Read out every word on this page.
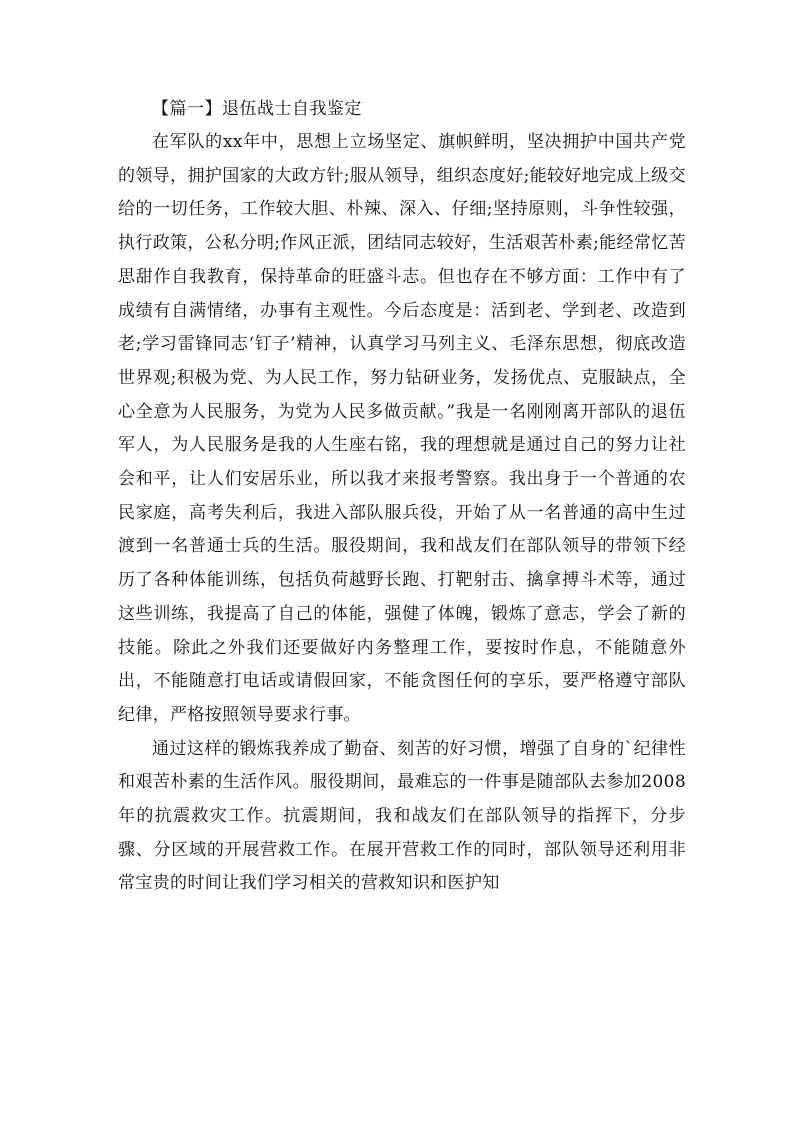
【篇一】退伍战士自我鉴定

在军队的xx年中，思想上立场坚定、旗帜鲜明，坚决拥护中国共产党的领导，拥护国家的大政方针;服从领导，组织态度好;能较好地完成上级交给的一切任务，工作较大胆、朴辣、深入、仔细;坚持原则，斗争性较强，执行政策，公私分明;作风正派，团结同志较好，生活艰苦朴素;能经常忆苦思甜作自我教育，保持革命的旺盛斗志。但也存在不够方面：工作中有了成绩有自满情绪，办事有主观性。今后态度是：活到老、学到老、改造到老;学习雷锋同志‘钉子’精神，认真学习马列主义、毛泽东思想，彻底改造世界观;积极为党、为人民工作，努力钻研业务，发扬优点、克服缺点，全心全意为人民服务，为党为人民多做贡献。”我是一名刚刚离开部队的退伍军人，为人民服务是我的人生座右铭，我的理想就是通过自己的努力让社会和平，让人们安居乐业，所以我才来报考警察。我出身于一个普通的农民家庭，高考失利后，我进入部队服兵役，开始了从一名普通的高中生过渡到一名普通士兵的生活。服役期间，我和战友们在部队领导的带领下经历了各种体能训练，包括负荷越野长跑、打靶射击、擒拿搏斗术等，通过这些训练，我提高了自己的体能，强健了体魄，锻炼了意志，学会了新的技能。除此之外我们还要做好内务整理工作，要按时作息，不能随意外出，不能随意打电话或请假回家，不能贪图任何的享乐，要严格遵守部队纪律，严格按照领导要求行事。

通过这样的锻炼我养成了勤奋、刻苦的好习惯，增强了自身的`纪律性和艰苦朴素的生活作风。服役期间，最难忘的一件事是随部队去参加2008年的抗震救灾工作。抗震期间，我和战友们在部队领导的指挥下，分步骤、分区域的开展营救工作。在展开营救工作的同时，部队领导还利用非常宝贵的时间让我们学习相关的营救知识和医护知
